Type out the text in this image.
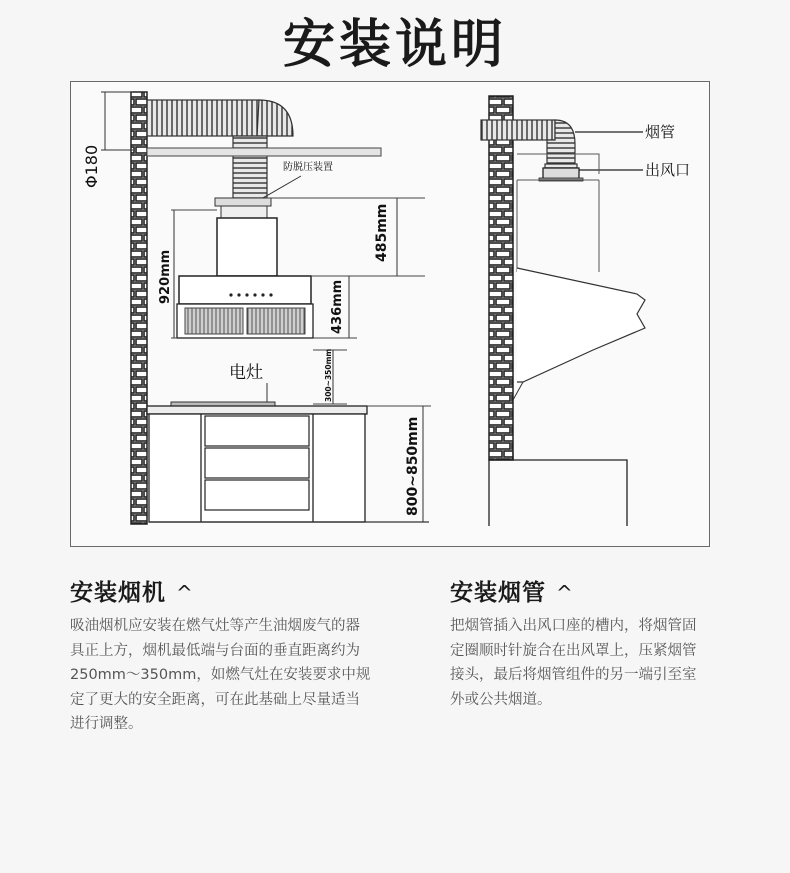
安装说明
Φ180	防脱压装置
485mm
920mm
436mm
300~350mm
电灶
800~850mm
烟管
出风口
安装烟机 ^
吸油烟机应安装在燃气灶等产生油烟废气的器
具正上方，烟机最低端与台面的垂直距离约为
250mm～350mm，如燃气灶在安装要求中规
定了更大的安全距离，可在此基础上尽量适当
进行调整。
安装烟管 ^
把烟管插入出风口座的槽内，将烟管固
定圈顺时针旋合在出风罩上，压紧烟管
接头，最后将烟管组件的另一端引至室
外或公共烟道。
